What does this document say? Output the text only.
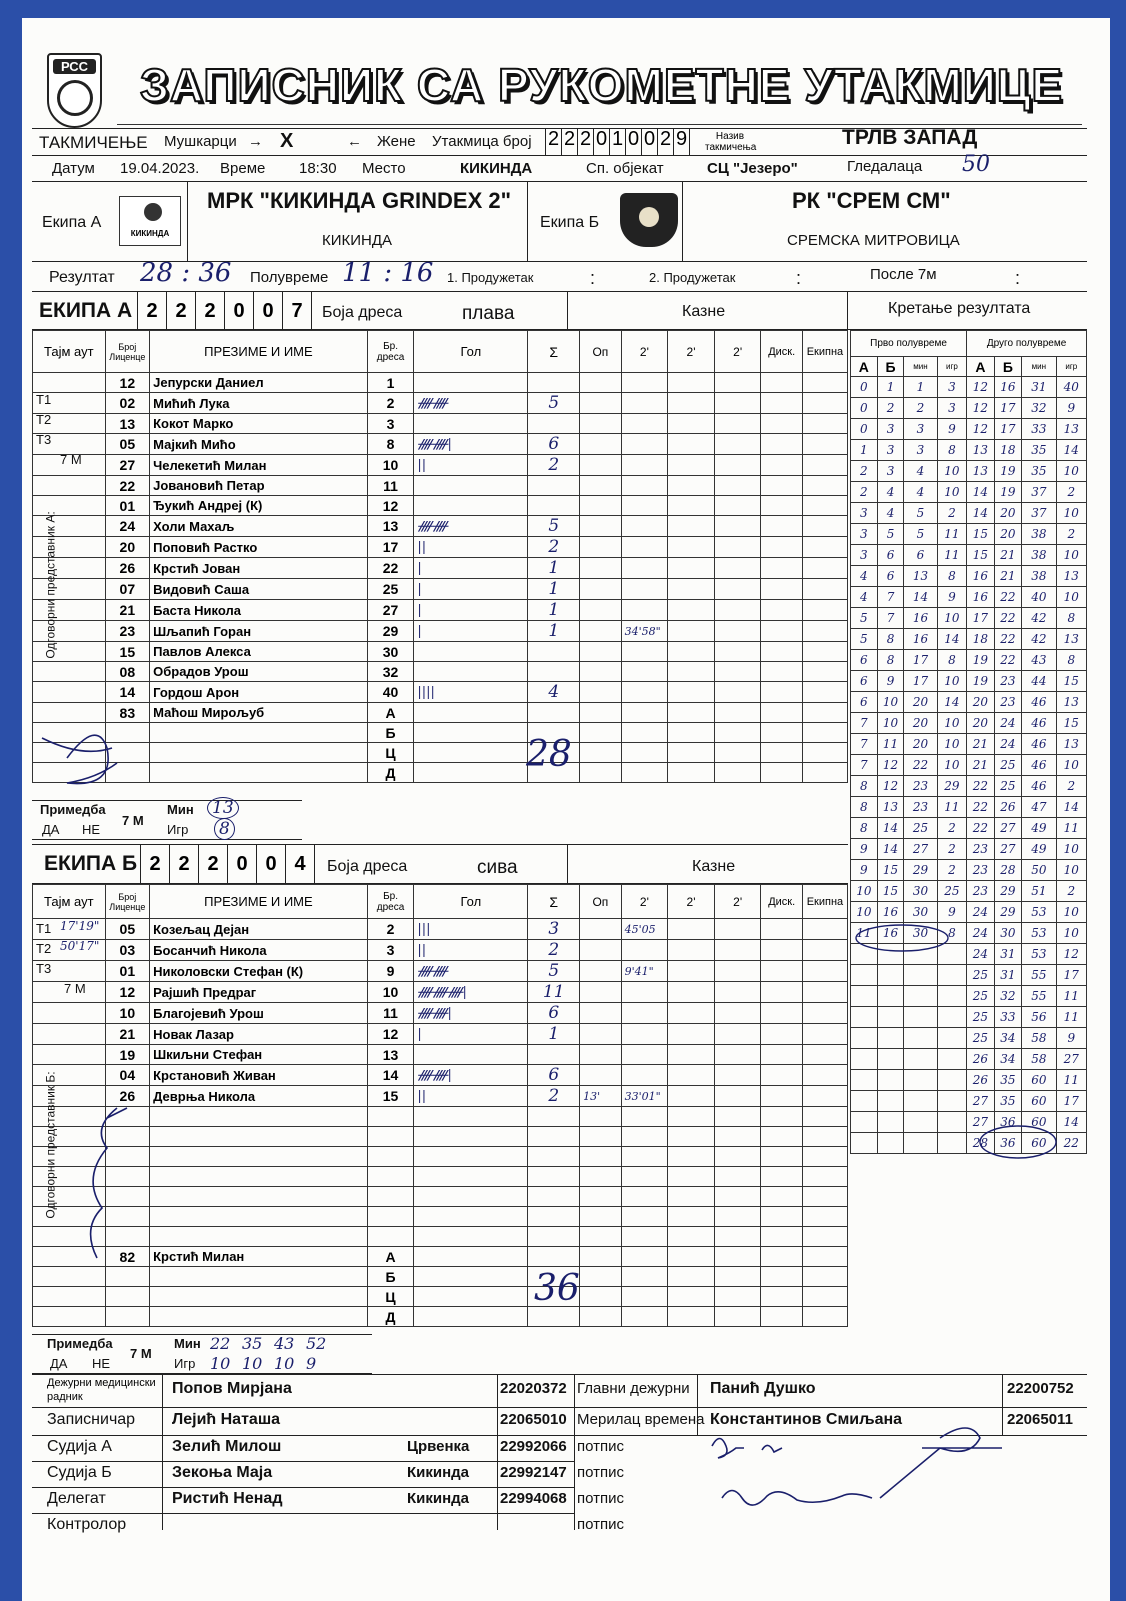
РСС ЗАПИСНИК СА РУКОМЕТНЕ УТАКМИЦЕ
ТАКМИЧЕЊЕ Мушкарци → X	← Жене Утакмица број 2 2 2 0 1 0 0 2 9	Назив такмичења	ТРЛВ ЗАПАД
Датум 19.04.2023. Време 18:30 Место	КИКИНДА	Сп. објекат	СЦ "Језеро"	Гледалаца 50
Екипа А
КИКИНДА
МРК "КИКИНДА GRINDEX 2"
КИКИНДА
Екипа Б
РК "СРЕМ СМ"
СРЕМСКА МИТРОВИЦА
Резултат 28 : 36 Полувреме 11 : 16 1. Продужетак	:	2. Продужетак	:	После 7м	:
ЕКИПА А 2 2 2 0 0 7	Боја дреса	плава	Казне	Кретање резултата
Тајм аут	Број Лиценце	ПРЕЗИМЕ И ИМЕ	Бр. дреса	Гол	Σ	Оп	2'	2'	2'	Диск.	Екипна
	12	Јепурски Даниел	1								
	02	Мићић Лука	2	ᚎᚎ	5						
	13	Кокот Марко	3								
	05	Мајкић Мићо	8	ᚎᚎ|	6						
	27	Челекетић Милан	10	||	2						
	22	Јовановић Петар	11								
	01	Ђукић Андреј (К)	12								
	24	Холи Махаљ	13	ᚎᚎ	5						
	20	Поповић Растко	17	||	2						
	26	Крстић Јован	22	|	1						
	07	Видовић Саша	25	|	1						
	21	Баста Никола	27	|	1						
	23	Шљапић Горан	29	|	1		34'58"				
	15	Павлов Алекса	30								
	08	Обрадов Урош	32								
	14	Гордош Арон	40	||||	4						
	83	Маћош Мирољуб	А								
			Б								
			Ц								
			Д								
Т1
Т2
Т3
7 М
Одговорни представник А:
28
Примедба
ДА НЕ
7 М
Мин
Игр
13
8
ЕКИПА Б 2 2 2 0 0 4	Боја дреса	сива	Казне
Тајм аут	Број Лиценце	ПРЕЗИМЕ И ИМЕ	Бр. дреса	Гол	Σ	Оп	2'	2'	2'	Диск.	Екипна
	05	Козељац Дејан	2	|||	3		45'05				
	03	Босанчић Никола	3	||	2						
	01	Николовски Стефан (К)	9	ᚎᚎ	5		9'41"				
	12	Рајшић Предраг	10	ᚎᚎᚎ|	11						
	10	Благојевић Урош	11	ᚎᚎ|	6						
	21	Новак Лазар	12	|	1						
	19	Шкиљни Стефан	13								
	04	Крстановић Живан	14	ᚎᚎ|	6						
	26	Деврња Никола	15	||	2	13'	33'01"				

	82	Крстић Милан	А								
			Б								
			Ц								
			Д								
Т1 17'19"
Т2 50'17"
Т3
7 М
Одговорни представник Б:
36
Примедба
ДА НЕ
7 М
Мин
Игр
22 35 43 52
10 10 10 9
Прво полувреме				Друго полувреме			
А	Б	мин	игр	А	Б	мин	игр
0	1	1	3	12	16	31	40
0	2	2	3	12	17	32	9
0	3	3	9	12	17	33	13
1	3	3	8	13	18	35	14
2	3	4	10	13	19	35	10
2	4	4	10	14	19	37	2
3	4	5	2	14	20	37	10
3	5	5	11	15	20	38	2
3	6	6	11	15	21	38	10
4	6	13	8	16	21	38	13
4	7	14	9	16	22	40	10
5	7	16	10	17	22	42	8
5	8	16	14	18	22	42	13
6	8	17	8	19	22	43	8
6	9	17	10	19	23	44	15
6	10	20	14	20	23	46	13
7	10	20	10	20	24	46	15
7	11	20	10	21	24	46	13
7	12	22	10	21	25	46	10
8	12	23	29	22	25	46	2
8	13	23	11	22	26	47	14
8	14	25	2	22	27	49	11
9	14	27	2	23	27	49	10
9	15	29	2	23	28	50	10
10	15	30	25	23	29	51	2
10	16	30	9	24	29	53	10
11	16	30	8	24	30	53	10
				24	31	53	12
				25	31	55	17
				25	32	55	11
				25	33	56	11
				25	34	58	9
				26	34	58	27
				26	35	60	11
				27	35	60	17
				27	36	60	14
				28	36	60	22
Дежурни медицински радник	Попов Мирјана	22020372 Главни дежурни Панић Душко	22200752
Записничар Лејић Наташа	22065010 Мерилац времена Константинов Смиљана	22065011
Судија А	Зелић Милош	Црвенка 22992066 потпис
Судија Б	Зекоња Маја	Кикинда 22992147 потпис
Делегат	Ристић Ненад	Кикинда 22994068 потпис
Контролор	потпис
